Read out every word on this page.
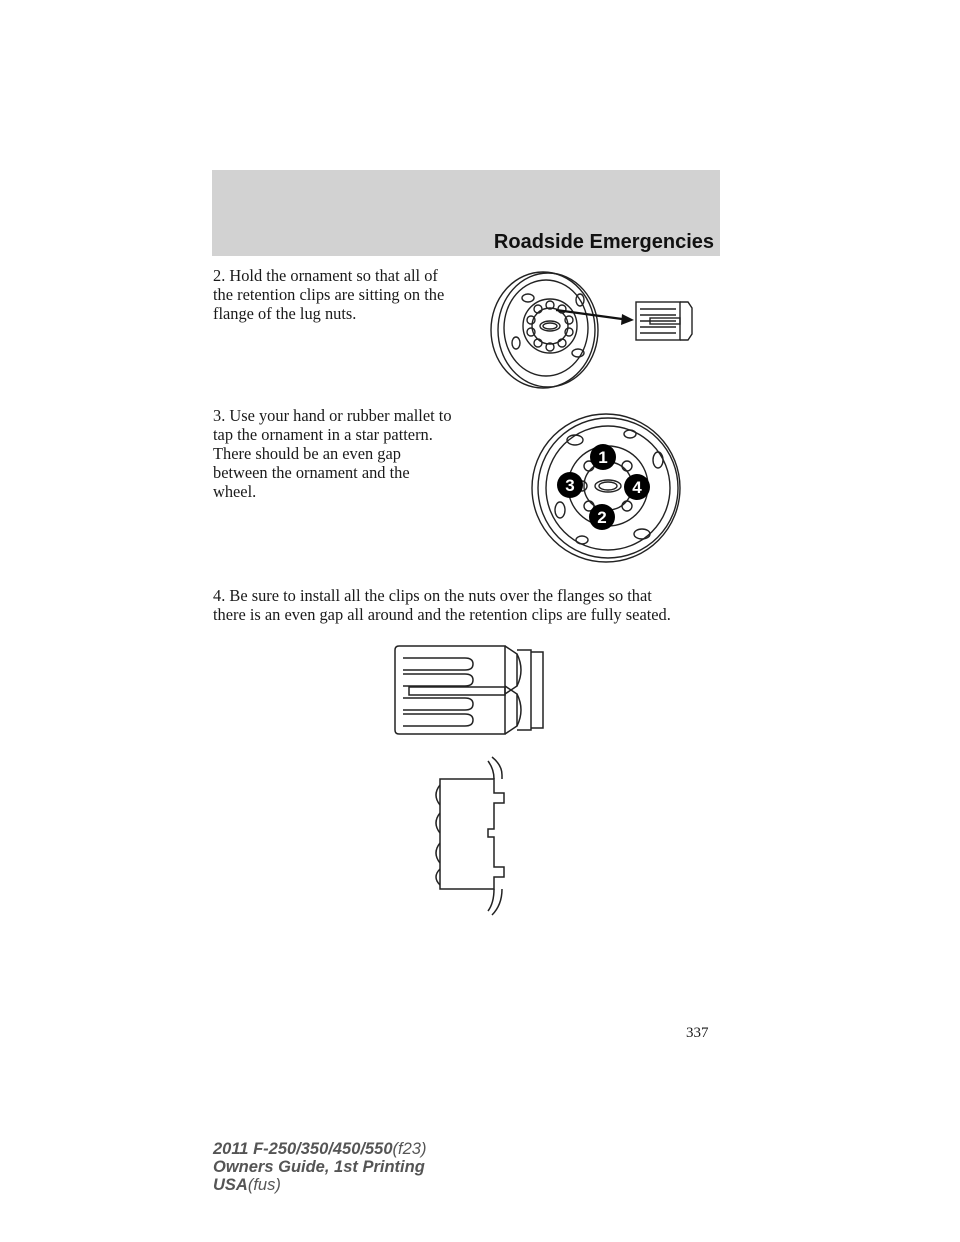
Roadside Emergencies

2. Hold the ornament so that all of
the retention clips are sitting on the
flange of the lug nuts.

3. Use your hand or rubber mallet to
tap the ornament in a star pattern.
There should be an even gap
between the ornament and the
wheel.

1
2
3	4

4. Be sure to install all the clips on the nuts over the flanges so that
there is an even gap all around and the retention clips are fully seated.

337
2011 F-250/350/450/550(f23)
Owners Guide, 1st Printing
USA(fus)
